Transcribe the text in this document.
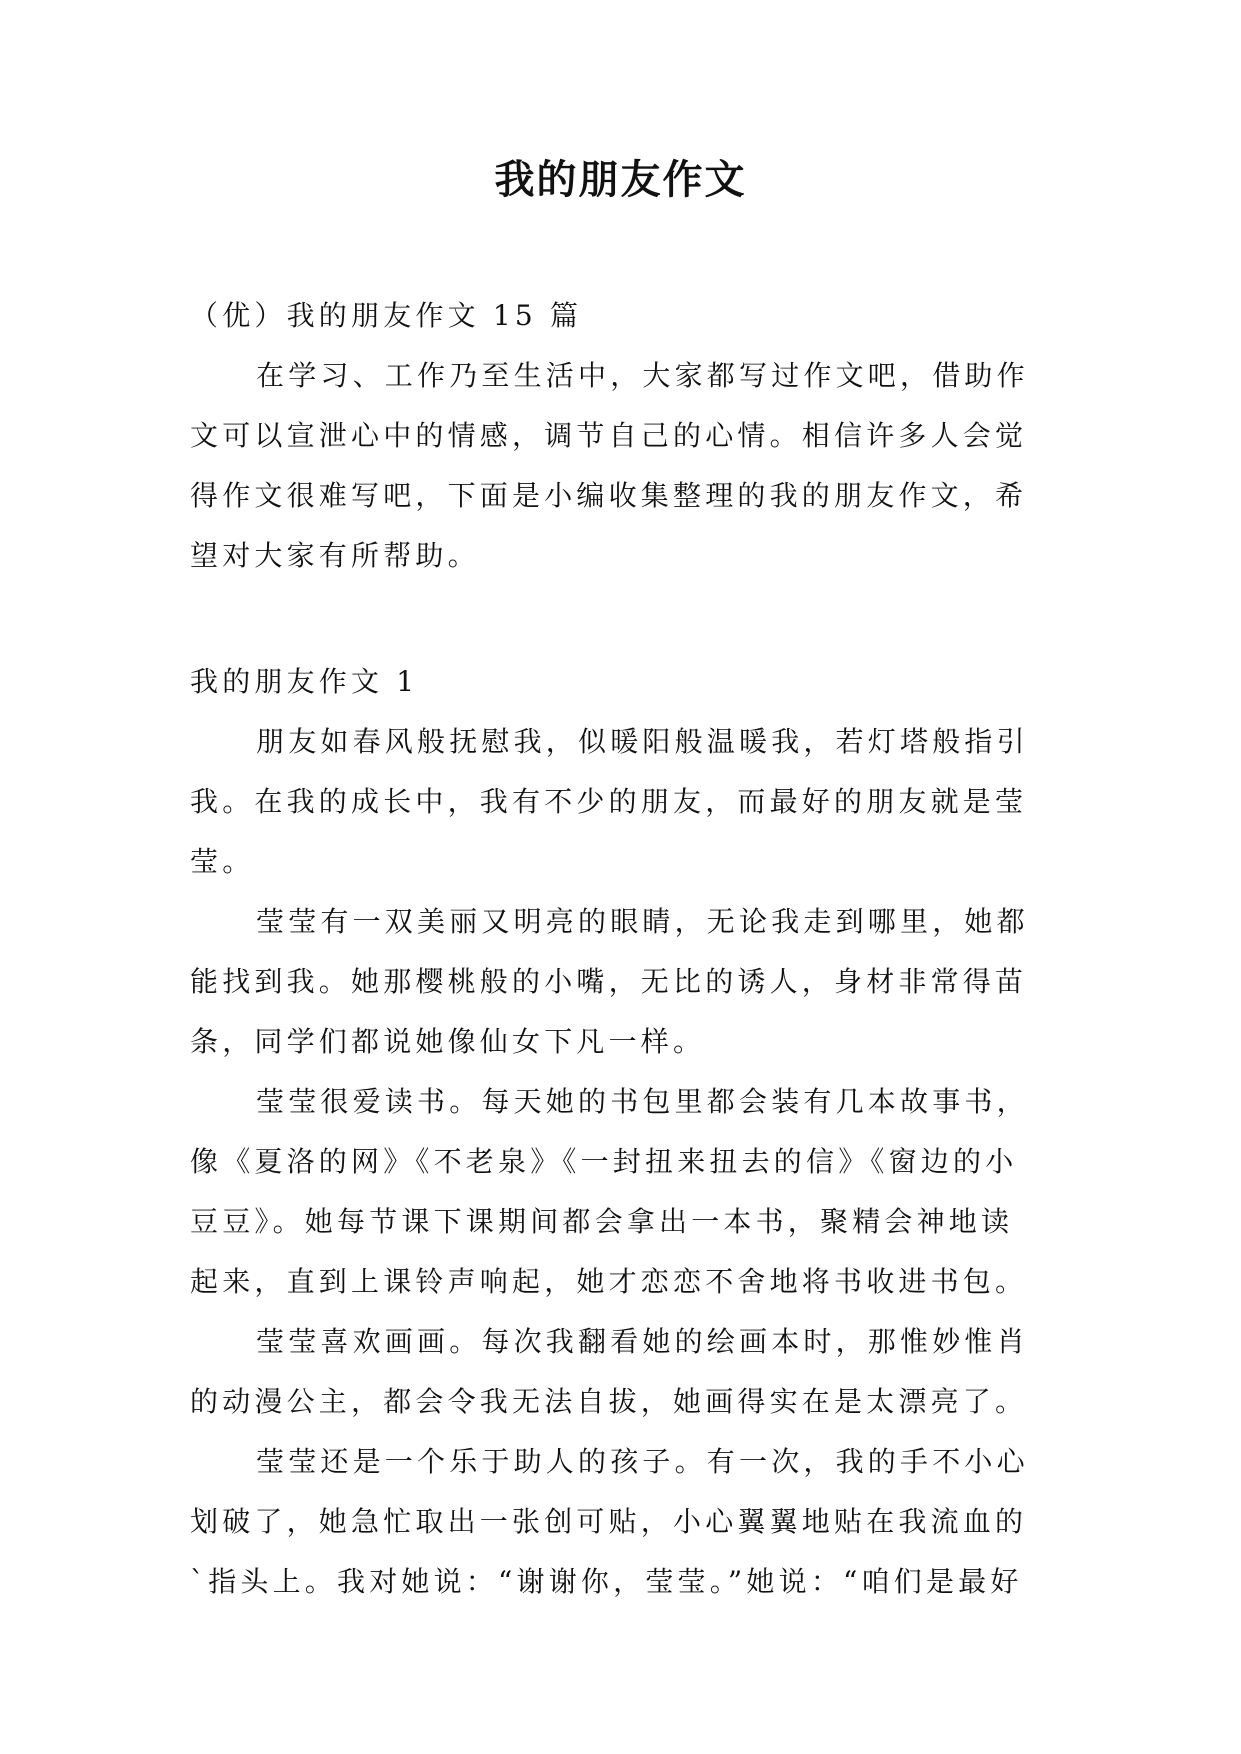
我的朋友作文
（优）我的朋友作文 15 篇
在学习、工作乃至生活中，大家都写过作文吧，借助作
文可以宣泄心中的情感，调节自己的心情。相信许多人会觉
得作文很难写吧，下面是小编收集整理的我的朋友作文，希
望对大家有所帮助。
我的朋友作文 1
朋友如春风般抚慰我，似暖阳般温暖我，若灯塔般指引
我。在我的成长中，我有不少的朋友，而最好的朋友就是莹
莹。
莹莹有一双美丽又明亮的眼睛，无论我走到哪里，她都
能找到我。她那樱桃般的小嘴，无比的诱人，身材非常得苗
条，同学们都说她像仙女下凡一样。
莹莹很爱读书。每天她的书包里都会装有几本故事书，
像《夏洛的网》《不老泉》《一封扭来扭去的信》《窗边的小
豆豆》。她每节课下课期间都会拿出一本书，聚精会神地读
起来，直到上课铃声响起，她才恋恋不舍地将书收进书包。
莹莹喜欢画画。每次我翻看她的绘画本时，那惟妙惟肖
的动漫公主，都会令我无法自拔，她画得实在是太漂亮了。
莹莹还是一个乐于助人的孩子。有一次，我的手不小心
划破了，她急忙取出一张创可贴，小心翼翼地贴在我流血的
`指头上。我对她说：“谢谢你，莹莹。”她说：“咱们是最好
